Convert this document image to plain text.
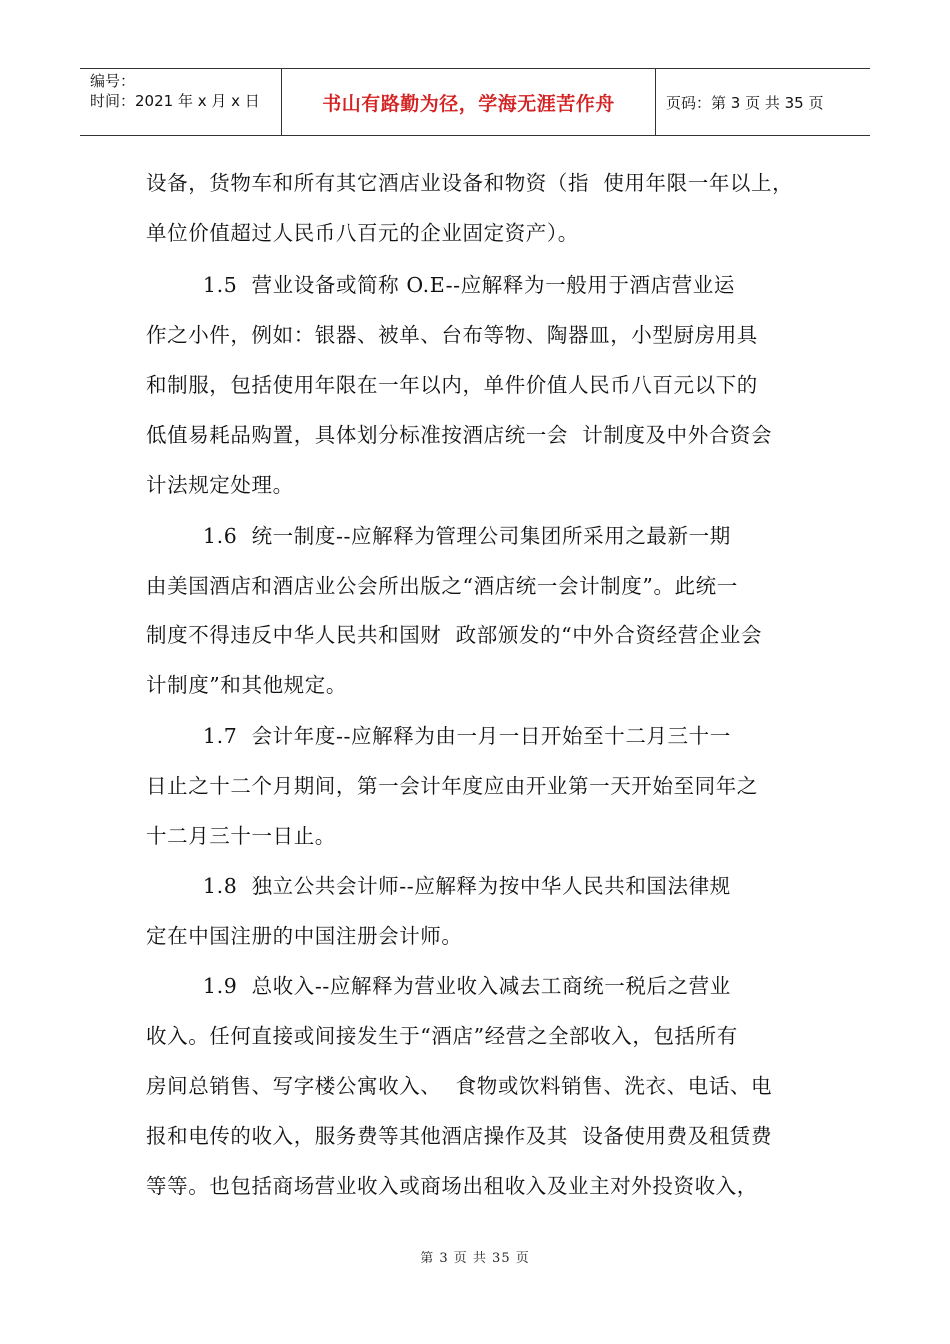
编号：
时间：2021 年 x 月 x 日	书山有路勤为径，学海无涯苦作舟	页码：第 3 页 共 35 页
设备，货物车和所有其它酒店业设备和物资（指  使用年限一年以上，
单位价值超过人民币八百元的企业固定资产）。
1.5  营业设备或简称 O.E--应解释为一般用于酒店营业运
作之小件，例如：银器、被单、台布等物、陶器皿，小型厨房用具
和制服，包括使用年限在一年以内，单件价值人民币八百元以下的
低值易耗品购置，具体划分标准按酒店统一会  计制度及中外合资会
计法规定处理。
1.6  统一制度--应解释为管理公司集团所采用之最新一期
由美国酒店和酒店业公会所出版之“酒店统一会计制度”。此统一
制度不得违反中华人民共和国财  政部颁发的“中外合资经营企业会
计制度”和其他规定。
1.7  会计年度--应解释为由一月一日开始至十二月三十一
日止之十二个月期间，第一会计年度应由开业第一天开始至同年之
十二月三十一日止。
1.8  独立公共会计师--应解释为按中华人民共和国法律规
定在中国注册的中国注册会计师。
1.9  总收入--应解释为营业收入减去工商统一税后之营业
收入。任何直接或间接发生于“酒店”经营之全部收入，包括所有
房间总销售、写字楼公寓收入、  食物或饮料销售、洗衣、电话、电
报和电传的收入，服务费等其他酒店操作及其  设备使用费及租赁费
等等。也包括商场营业收入或商场出租收入及业主对外投资收入，
第 3 页 共 35 页
